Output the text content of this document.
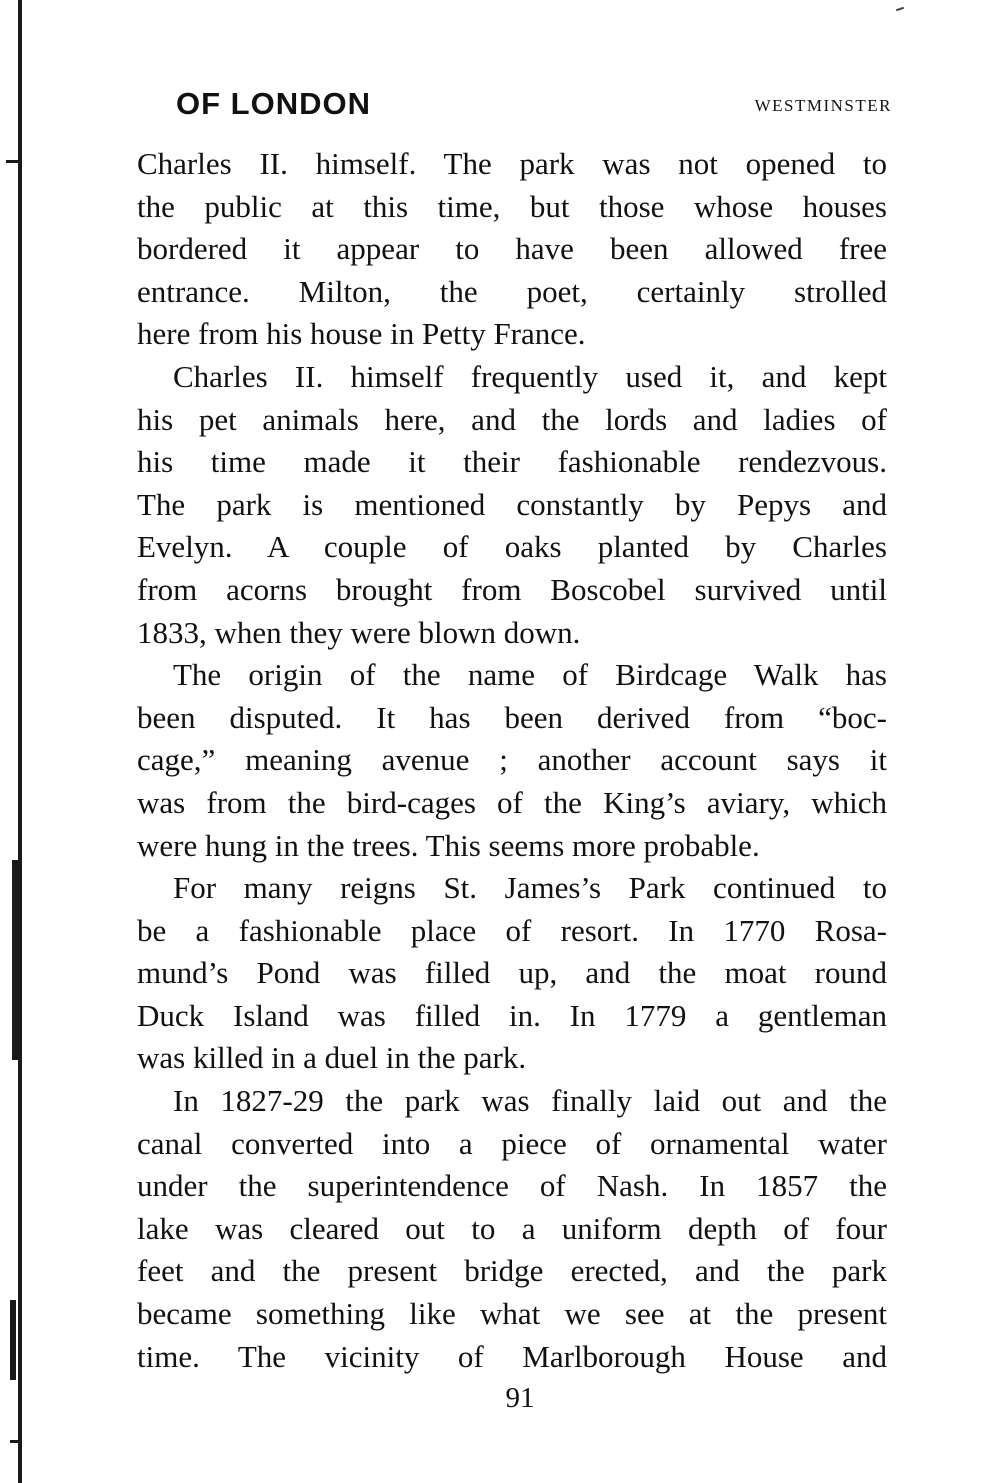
OF LONDON	WESTMINSTER
Charles II. himself. The park was not opened to
the public at this time, but those whose houses
bordered it appear to have been allowed free
entrance. Milton, the poet, certainly strolled
here from his house in Petty France.
Charles II. himself frequently used it, and kept
his pet animals here, and the lords and ladies of
his time made it their fashionable rendezvous.
The park is mentioned constantly by Pepys and
Evelyn. A couple of oaks planted by Charles
from acorns brought from Boscobel survived until
1833, when they were blown down.
The origin of the name of Birdcage Walk has
been disputed. It has been derived from “boc-
cage,” meaning avenue ; another account says it
was from the bird-cages of the King’s aviary, which
were hung in the trees. This seems more probable.
For many reigns St. James’s Park continued to
be a fashionable place of resort. In 1770 Rosa-
mund’s Pond was filled up, and the moat round
Duck Island was filled in. In 1779 a gentleman
was killed in a duel in the park.
In 1827-29 the park was finally laid out and the
canal converted into a piece of ornamental water
under the superintendence of Nash. In 1857 the
lake was cleared out to a uniform depth of four
feet and the present bridge erected, and the park
became something like what we see at the present
time. The vicinity of Marlborough House and
91
